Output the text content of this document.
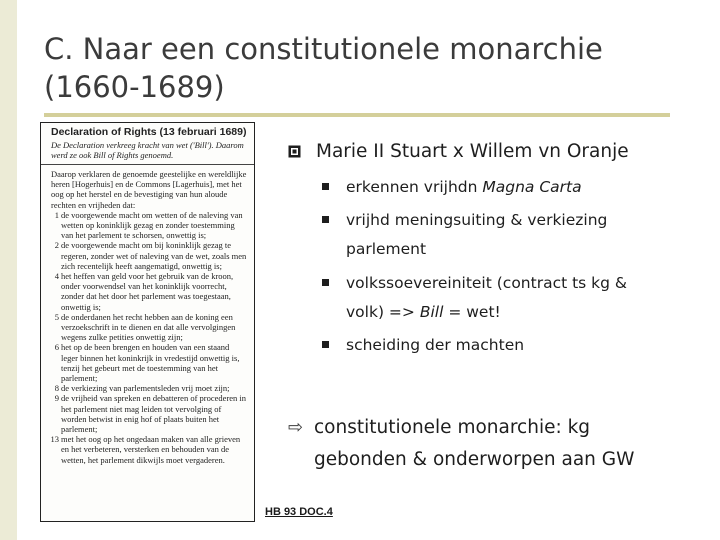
C. Naar een constitutionele monarchie
(1660-1689)
Declaration of Rights (13 februari 1689)
De Declaration verkreeg kracht van wet ('Bill'). Daarom werd ze ook Bill of Rights genoemd.
Daarop verklaren de genoemde geestelijke en wereldlijke heren [Hogerhuis] en de Commons [Lagerhuis], met het oog op het herstel en de bevestiging van hun aloude rechten en vrijheden dat:
1 de voorgewende macht om wetten of de naleving van wetten op koninklijk gezag en zonder toestemming van het parlement te schorsen, onwettig is;
2 de voorgewende macht om bij koninklijk gezag te regeren, zonder wet of naleving van de wet, zoals men zich recentelijk heeft aangematigd, onwettig is;
4 het heffen van geld voor het gebruik van de kroon, onder voorwendsel van het koninklijk voorrecht, zonder dat het door het parlement was toegestaan, onwettig is;
5 de onderdanen het recht hebben aan de koning een verzoekschrift in te dienen en dat alle vervolgingen wegens zulke petities onwettig zijn;
6 het op de been brengen en houden van een staand leger binnen het koninkrijk in vredestijd onwettig is, tenzij het gebeurt met de toestemming van het parlement;
8 de verkiezing van parlementsleden vrij moet zijn;
9 de vrijheid van spreken en debatteren of procederen in het parlement niet mag leiden tot vervolging of worden betwist in enig hof of plaats buiten het parlement;
13 met het oog op het ongedaan maken van alle grieven en het verbeteren, versterken en behouden van de wetten, het parlement dikwijls moet vergaderen.
HB 93 DOC.4
Marie II Stuart x Willem vn Oranje
erkennen vrijhdn Magna Carta
vrijhd meningsuiting & verkiezing parlement
volkssoevereiniteit (contract ts kg & volk) => Bill = wet!
scheiding der machten
⇨ constitutionele monarchie: kg gebonden & onderworpen aan GW
